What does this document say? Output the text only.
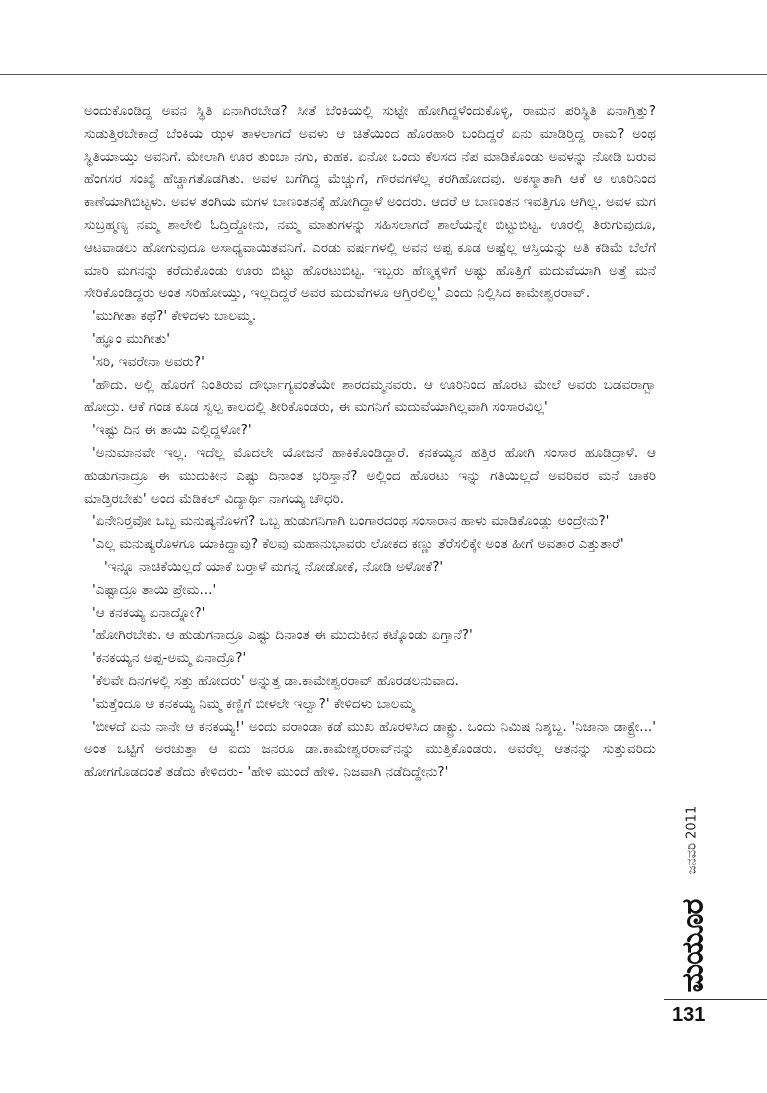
ಅಂದುಕೊಂಡಿದ್ದ ಅವನ ಸ್ಥಿತಿ ಏನಾಗಿರಬೇಡ? ಸೀತೆ ಬೆಂಕಿಯಲ್ಲಿ ಸುಟ್ಟೇ ಹೋಗಿದ್ದಳೆಂದುಕೊಳ್ಳಿ, ರಾಮನ ಪರಿಸ್ಥಿತಿ ಏನಾಗ್ತಿತ್ತು? ಸುಡುತ್ತಿರಬೇಕಾದ್ರೆ ಬೆಂಕಿಯ ಝಳ ತಾಳಲಾಗದೆ ಅವಳು ಆ ಚಿತೆಯಿಂದ ಹೊರಹಾರಿ ಬಂದಿದ್ದರೆ ಏನು ಮಾಡಿರ್‍ತಿದ್ದ ರಾಮ? ಅಂಥ ಸ್ಥಿತಿಯಾಯ್ತು ಅವನಿಗೆ. ಮೇಲಾಗಿ ಊರ ತುಂಬಾ ನಗು, ಕುಹಕ. ಏನೋ ಒಂದು ಕೆಲಸದ ನೆಪ ಮಾಡಿಕೊಂಡು ಅವಳನ್ನು ನೋಡಿ ಬರುವ ಹೆಂಗಸರ ಸಂಖ್ಯೆ ಹೆಚ್ಚಾಗತೊಡಗಿತು. ಅವಳ ಬಗೆಗಿದ್ದ ಮೆಚ್ಚುಗೆ, ಗೌರವಗಳೆಲ್ಲ ಕರಗಿಹೋದವು. ಅಕಸ್ಮಾತಾಗಿ ಆಕೆ ಆ ಊರಿನಿಂದ ಕಾಣೆಯಾಗಿಬಿಟ್ಟಳು. ಅವಳ ತಂಗಿಯ ಮಗಳ ಬಾಣಂತನಕ್ಕೆ ಹೋಗಿದ್ದಾಳೆ ಅಂದರು. ಆದರೆ ಆ ಬಾಣಂತನ ಇವತ್ತಿಗೂ ಆಗಿಲ್ಲ. ಅವಳ ಮಗ ಸುಬ್ರಹ್ಮಣ್ಯ ನಮ್ಮ ಶಾಲೇಲಿ ಓದ್ತಿದ್ದೋನು, ನಮ್ಮ ಮಾತುಗಳನ್ನು ಸಹಿಸಲಾಗದೆ ಶಾಲೆಯನ್ನೇ ಬಿಟ್ಟುಬಿಟ್ಟ. ಊರಲ್ಲಿ ತಿರುಗುವುದೂ, ಆಟವಾಡಲು ಹೋಗುವುದೂ ಅಸಾಧ್ಯವಾಯಿತವನಿಗೆ. ಎರಡು ವರ್ಷಗಳಲ್ಲಿ ಅವನ ಅಪ್ಪ ಕೂಡ ಅಷ್ಟೆಲ್ಲ ಆಸ್ತಿಯನ್ನು ಅತಿ ಕಡಿಮೆ ಬೆಲೆಗೆ ಮಾರಿ ಮಗನನ್ನು ಕರೆದುಕೊಂಡು ಊರು ಬಿಟ್ಟು ಹೊರಟುಬಿಟ್ಟ. ಇಬ್ಬರು ಹೆಣ್ಮಕ್ಕಳಿಗೆ ಅಷ್ಟು ಹೊತ್ತಿಗೆ ಮದುವೆಯಾಗಿ ಅತ್ತೆ ಮನೆ ಸೇರಿಕೊಂಡಿದ್ದರು ಅಂತ ಸರಿಹೋಯ್ತು, ಇಲ್ಲದಿದ್ದರೆ ಅವರ ಮದುವೆಗಳೂ ಆಗ್ತಿರಲಿಲ್ಲ' ಎಂದು ನಿಲ್ಲಿಸಿದ ಕಾಮೇಶ್ವರರಾವ್.

'ಮುಗೀತಾ ಕಥೆ?' ಕೇಳಿದಳು ಬಾಲಮ್ಮ.

'ಹ್ಞೂಂ ಮುಗೀತು'

'ಸರಿ, ಇವರೇನಾ ಅವರು?'

'ಹೌದು. ಅಲ್ಲಿ ಹೊರಗೆ ನಿಂತಿರುವ ದೌರ್ಭಾಗ್ಯವಂತೆಯೇ ಶಾರದಮ್ಮನವರು. ಆ ಊರಿನಿಂದ ಹೊರಟ ಮೇಲೆ ಅವರು ಬಡವರಾಗ್ಬಾ ಹೋದ್ರು. ಆಕೆ ಗಂಡ ಕೂಡ ಸ್ವಲ್ಪ ಕಾಲದಲ್ಲಿ ತೀರಿಕೊಂಡರು, ಈ ಮಗನಿಗೆ ಮದುವೆಯಾಗಿಲ್ಲವಾಗಿ ಸಂಸಾರವಿಲ್ಲ'

'ಇಷ್ಟು ದಿನ ಈ ತಾಯಿ ಎಲ್ಲಿದ್ದಳೋ?'

'ಅನುಮಾನವೇ ಇಲ್ಲ. ಇದೆಲ್ಲ ಮೊದಲೇ ಯೋಜನೆ ಹಾಕಿಕೊಂಡಿದ್ದಾರೆ. ಕನಕಯ್ಯನ ಹತ್ತಿರ ಹೋಗಿ ಸಂಸಾರ ಹೂಡಿದ್ರಾಳೆ. ಆ ಹುಡುಗನಾದ್ರೂ ಈ ಮುದುಕೀನ ಎಷ್ಟು ದಿನಾಂತ ಭರಿಸ್ತಾನೆ? ಅಲ್ಲಿಂದ ಹೊರಟು ಇನ್ನು ಗತಿಯಿಲ್ಲದೆ ಅವರಿವರ ಮನೆ ಚಾಕರಿ ಮಾಡ್ತಿರಬೇಕು' ಅಂದ ಮೆಡಿಕಲ್ ವಿದ್ಯಾರ್ಥಿ ನಾಗಯ್ಯ ಚೌಧರಿ.

'ಏನೇನಿರ್‍ತವೋ ಒಬ್ಬ ಮನುಷ್ಯನೊಳಗೆ? ಒಬ್ಬ ಹುಡುಗನಿಗಾಗಿ ಬಂಗಾರದಂಥ ಸಂಸಾರಾನ ಹಾಳು ಮಾಡಿಕೊಂಡ್ಲು ಅಂದ್ರೇನು?'

'ಎಲ್ಲ ಮನುಷ್ಯರೊಳಗೂ ಯಾಕಿದ್ದಾವು? ಕೆಲವು ಮಹಾನುಭಾವರು ಲೋಕದ ಕಣ್ಣು ತೆರೆಸಲಿಕ್ಕೇ ಅಂತ ಹೀಗೆ ಅವತಾರ ಎತ್ತುತಾರೆ'

'ಇನ್ನೂ ನಾಚಿಕೆಯಿಲ್ಲದೆ ಯಾಕೆ ಬರ್‍ತಾಳೆ ಮಗನ್ನ ನೋಡೋಕೆ, ನೋಡಿ ಅಳೋಕೆ?'

'ಎಷ್ಟಾದ್ರೂ ತಾಯಿ ಪ್ರೇಮ...'

'ಆ ಕನಕಯ್ಯ ಏನಾದ್ನೋ?'

'ಹೋಗಿರಬೇಕು. ಆ ಹುಡುಗನಾದ್ರೂ ಎಷ್ಟು ದಿನಾಂತ ಈ ಮುದುಕೀನ ಕಟ್ಕೊಂಡು ಏಗ್ತಾನೆ?'

'ಕನಕಯ್ಯನ ಅಪ್ಪ-ಅಮ್ಮ ಏನಾದ್ರೊ?'

'ಕೆಲವೇ ದಿನಗಳಲ್ಲಿ ಸತ್ತು ಹೋದರು' ಅನ್ನುತ್ತ ಡಾ.ಕಾಮೇಶ್ವರರಾವ್ ಹೊರಡಲನುವಾದ.

'ಮತ್ತೆಂದೂ ಆ ಕನಕಯ್ಯ ನಿಮ್ಮ ಕಣ್ಣಿಗೆ ಬೀಳಲೇ ಇಲ್ವಾ?' ಕೇಳಿದಳು ಬಾಲಮ್ಮ

'ಬೀಳದೆ ಏನು ನಾನೇ ಆ ಕನಕಯ್ಯ!' ಅಂದು ವರಾಂಡಾ ಕಡೆ ಮುಖ ಹೊರಳಿಸಿದ ಡಾಕ್ಟ್ರು. ಒಂದು ನಿಮಿಷ ನಿಶ್ಶಬ್ದ. 'ನಿಜಾನಾ ಡಾಕ್ಟ್ರೇ...' ಅಂತ ಒಟ್ಟಿಗೆ ಅರಚುತ್ತಾ ಆ ಐದು ಜನರೂ ಡಾ.ಕಾಮೇಶ್ವರರಾವ್‌ನನ್ನು ಮುತ್ತಿಕೊಂಡರು. ಅವರೆಲ್ಲ ಆತನನ್ನು ಸುತ್ತುವರಿದು ಹೋಗಗೊಡದಂತೆ ತಡೆದು ಕೇಳಿದರು- 'ಹೇಳಿ ಮುಂದೆ ಹೇಳಿ. ನಿಜವಾಗಿ ನಡೆದಿದ್ದೇನು?'

ಜನವರಿ 2011
ಮಯೂರ
131
